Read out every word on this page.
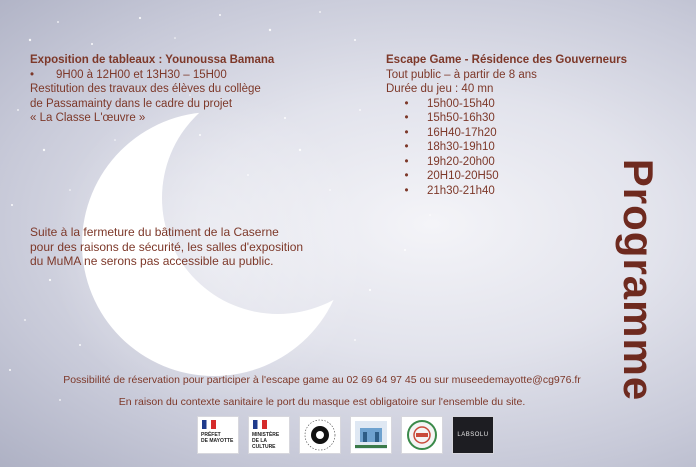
Exposition de tableaux : Younoussa Bamana
•	9H00 à 12H00 et 13H30 – 15H00
Restitution des travaux des élèves du collège
de Passamainty dans le cadre du projet
« La Classe L'œuvre »
Suite à la fermeture du bâtiment de la Caserne
pour des raisons de sécurité, les salles d'exposition
du MuMA ne serons pas accessible au public.
Escape Game - Résidence des Gouverneurs
Tout public – à partir de 8 ans
Durée du jeu : 40 mn
•	15h00-15h40
•	15h50-16h30
•	16H40-17h20
•	18h30-19h10
•	19h20-20h00
•	20H10-20H50
•	21h30-21h40	Programme
Possibilité de réservation pour participer à l'escape game au 02 69 64 97 45 ou sur museedemayotte@cg976.fr
En raison du contexte sanitaire le port du masque est obligatoire sur l'ensemble du site.
PRÉFET
DE MAYOTTE
MINISTÈRE
DE LA CULTURE
LABSOLU
